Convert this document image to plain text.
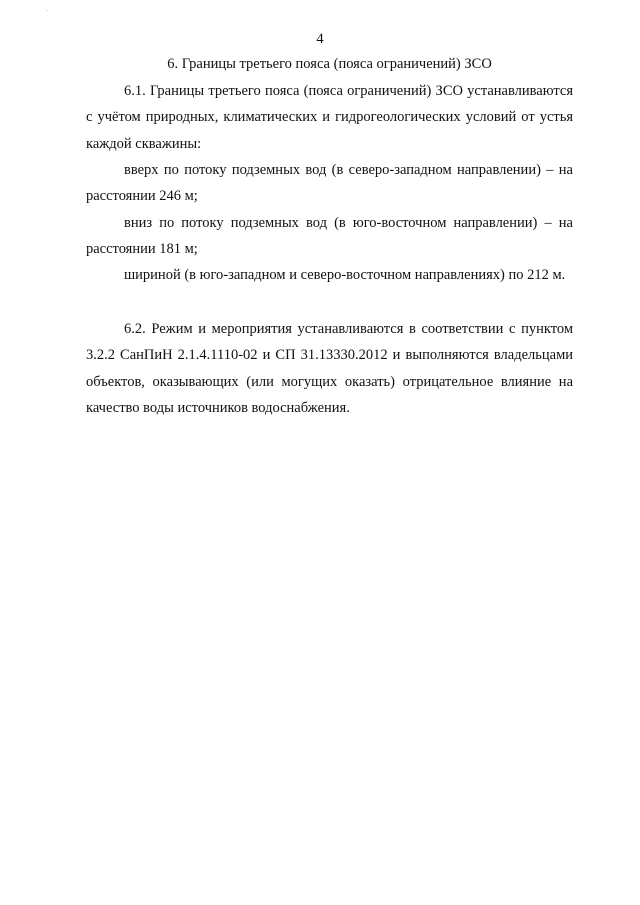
·
4
6. Границы третьего пояса (пояса ограничений) ЗСО

6.1. Границы третьего пояса (пояса ограничений) ЗСО устанавливаются с учётом природных, климатических и гидрогеологических условий от устья каждой скважины:

вверх по потоку подземных вод (в северо-западном направлении) – на расстоянии 246 м;

вниз по потоку подземных вод (в юго-восточном направлении) – на расстоянии 181 м;

шириной (в юго-западном и северо-восточном направлениях) по 212 м.

6.2. Режим и мероприятия устанавливаются в соответствии с пунктом 3.2.2 СанПиН 2.1.4.1110-02 и СП 31.13330.2012 и выполняются владельцами объектов, оказывающих (или могущих оказать) отрицательное влияние на качество воды источников водоснабжения.
